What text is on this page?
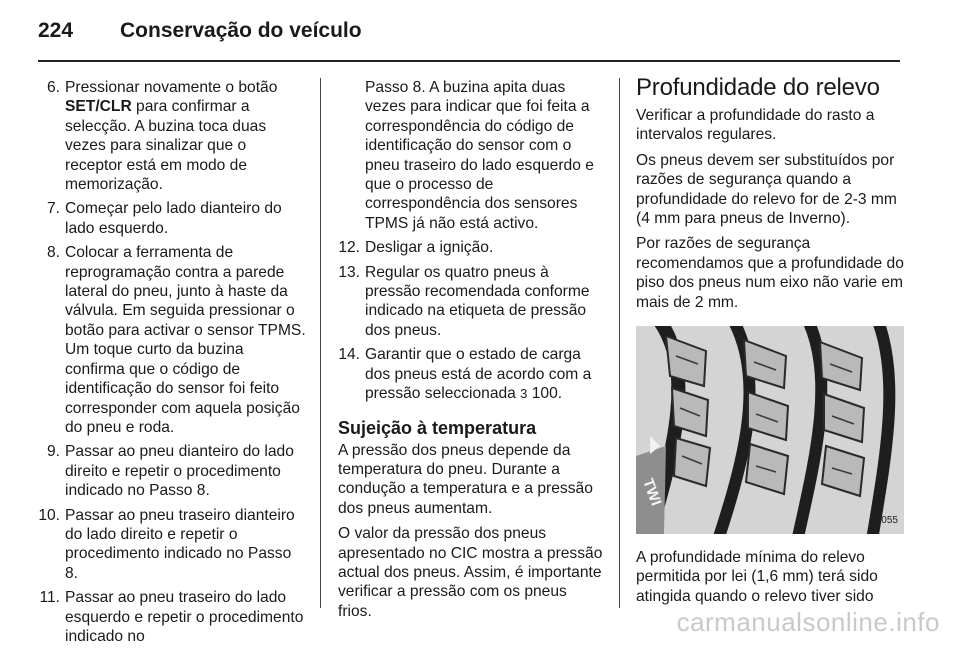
224 Conservação do veículo
6. Pressionar novamente o botão SET/CLR para confirmar a selecção. A buzina toca duas vezes para sinalizar que o receptor está em modo de memorização.
7. Começar pelo lado dianteiro do lado esquerdo.
8. Colocar a ferramenta de reprogramação contra a parede lateral do pneu, junto à haste da válvula. Em seguida pressionar o botão para activar o sensor TPMS. Um toque curto da buzina confirma que o código de identificação do sensor foi feito corresponder com aquela posição do pneu e roda.
9. Passar ao pneu dianteiro do lado direito e repetir o procedimento indicado no Passo 8.
10. Passar ao pneu traseiro dianteiro do lado direito e repetir o procedimento indicado no Passo 8.
11. Passar ao pneu traseiro do lado esquerdo e repetir o procedimento indicado no
Passo 8. A buzina apita duas vezes para indicar que foi feita a correspondência do código de identificação do sensor com o pneu traseiro do lado esquerdo e que o processo de correspondência dos sensores TPMS já não está activo.
12. Desligar a ignição.
13. Regular os quatro pneus à pressão recomendada conforme indicado na etiqueta de pressão dos pneus.
14. Garantir que o estado de carga dos pneus está de acordo com a pressão seleccionada 3 100.
Sujeição à temperatura

A pressão dos pneus depende da temperatura do pneu. Durante a condução a temperatura e a pressão dos pneus aumentam.

O valor da pressão dos pneus apresentado no CIC mostra a pressão actual dos pneus. Assim, é importante verificar a pressão com os pneus frios.

Profundidade do relevo

Verificar a profundidade do rasto a intervalos regulares.

Os pneus devem ser substituídos por razões de segurança quando a profundidade do relevo for de 2-3 mm (4 mm para pneus de Inverno).

Por razões de segurança recomendamos que a profundidade do piso dos pneus num eixo não varie em mais de 2 mm.

TWI
30055

A profundidade mínima do relevo permitida por lei (1,6 mm) terá sido atingida quando o relevo tiver sido

carmanualsonline.info
